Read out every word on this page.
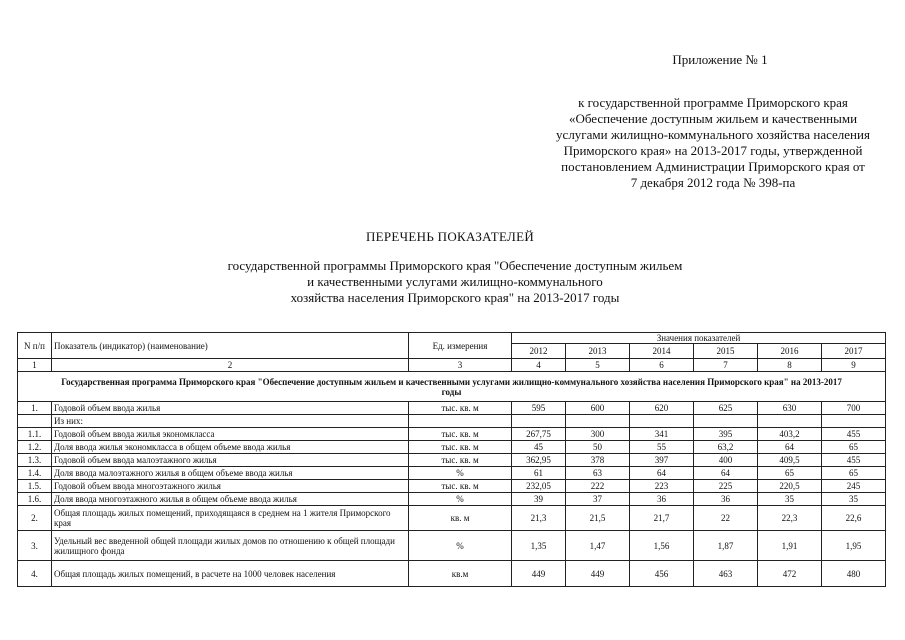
Приложение № 1
к государственной программе Приморского края
«Обеспечение доступным жильем и качественными
услугами жилищно-коммунального хозяйства населения
Приморского края» на 2013-2017 годы, утвержденной
постановлением Администрации Приморского края от
7 декабря 2012 года № 398-па
ПЕРЕЧЕНЬ ПОКАЗАТЕЛЕЙ
государственной программы Приморского края "Обеспечение доступным жильем
и качественными услугами жилищно-коммунального
хозяйства населения Приморского края" на 2013-2017 годы
N п/п	Показатель (индикатор) (наименование)	Ед. измерения	Значения показателей					
			2012	2013	2014	2015	2016	2017
1	2	3	4	5	6	7	8	9
Государственная программа Приморского края "Обеспечение доступным жильем и качественными услугами жилищно-коммунального хозяйства населения Приморского края" на 2013-2017 годы								
1.	Годовой объем ввода жилья	тыс. кв. м	595	600	620	625	630	700
	Из них:							
1.1.	Годовой объем ввода жилья экономкласса	тыс. кв. м	267,75	300	341	395	403,2	455
1.2.	Доля ввода жилья экономкласса в общем объеме ввода жилья	тыс. кв. м	45	50	55	63,2	64	65
1.3.	Годовой объем ввода малоэтажного жилья	тыс. кв. м	362,95	378	397	400	409,5	455
1.4.	Доля ввода малоэтажного жилья в общем объеме ввода жилья	%	61	63	64	64	65	65
1.5.	Годовой объем ввода многоэтажного жилья	тыс. кв. м	232,05	222	223	225	220,5	245
1.6.	Доля ввода многоэтажного жилья в общем объеме ввода жилья	%	39	37	36	36	35	35
2.	Общая площадь жилых помещений, приходящаяся в среднем на 1 жителя Приморского края	кв. м	21,3	21,5	21,7	22	22,3	22,6
3.	Удельный вес введенной общей площади жилых домов по отношению к общей площади жилищного фонда	%	1,35	1,47	1,56	1,87	1,91	1,95
4.	Общая площадь жилых помещений, в расчете на 1000 человек населения	кв.м	449	449	456	463	472	480
